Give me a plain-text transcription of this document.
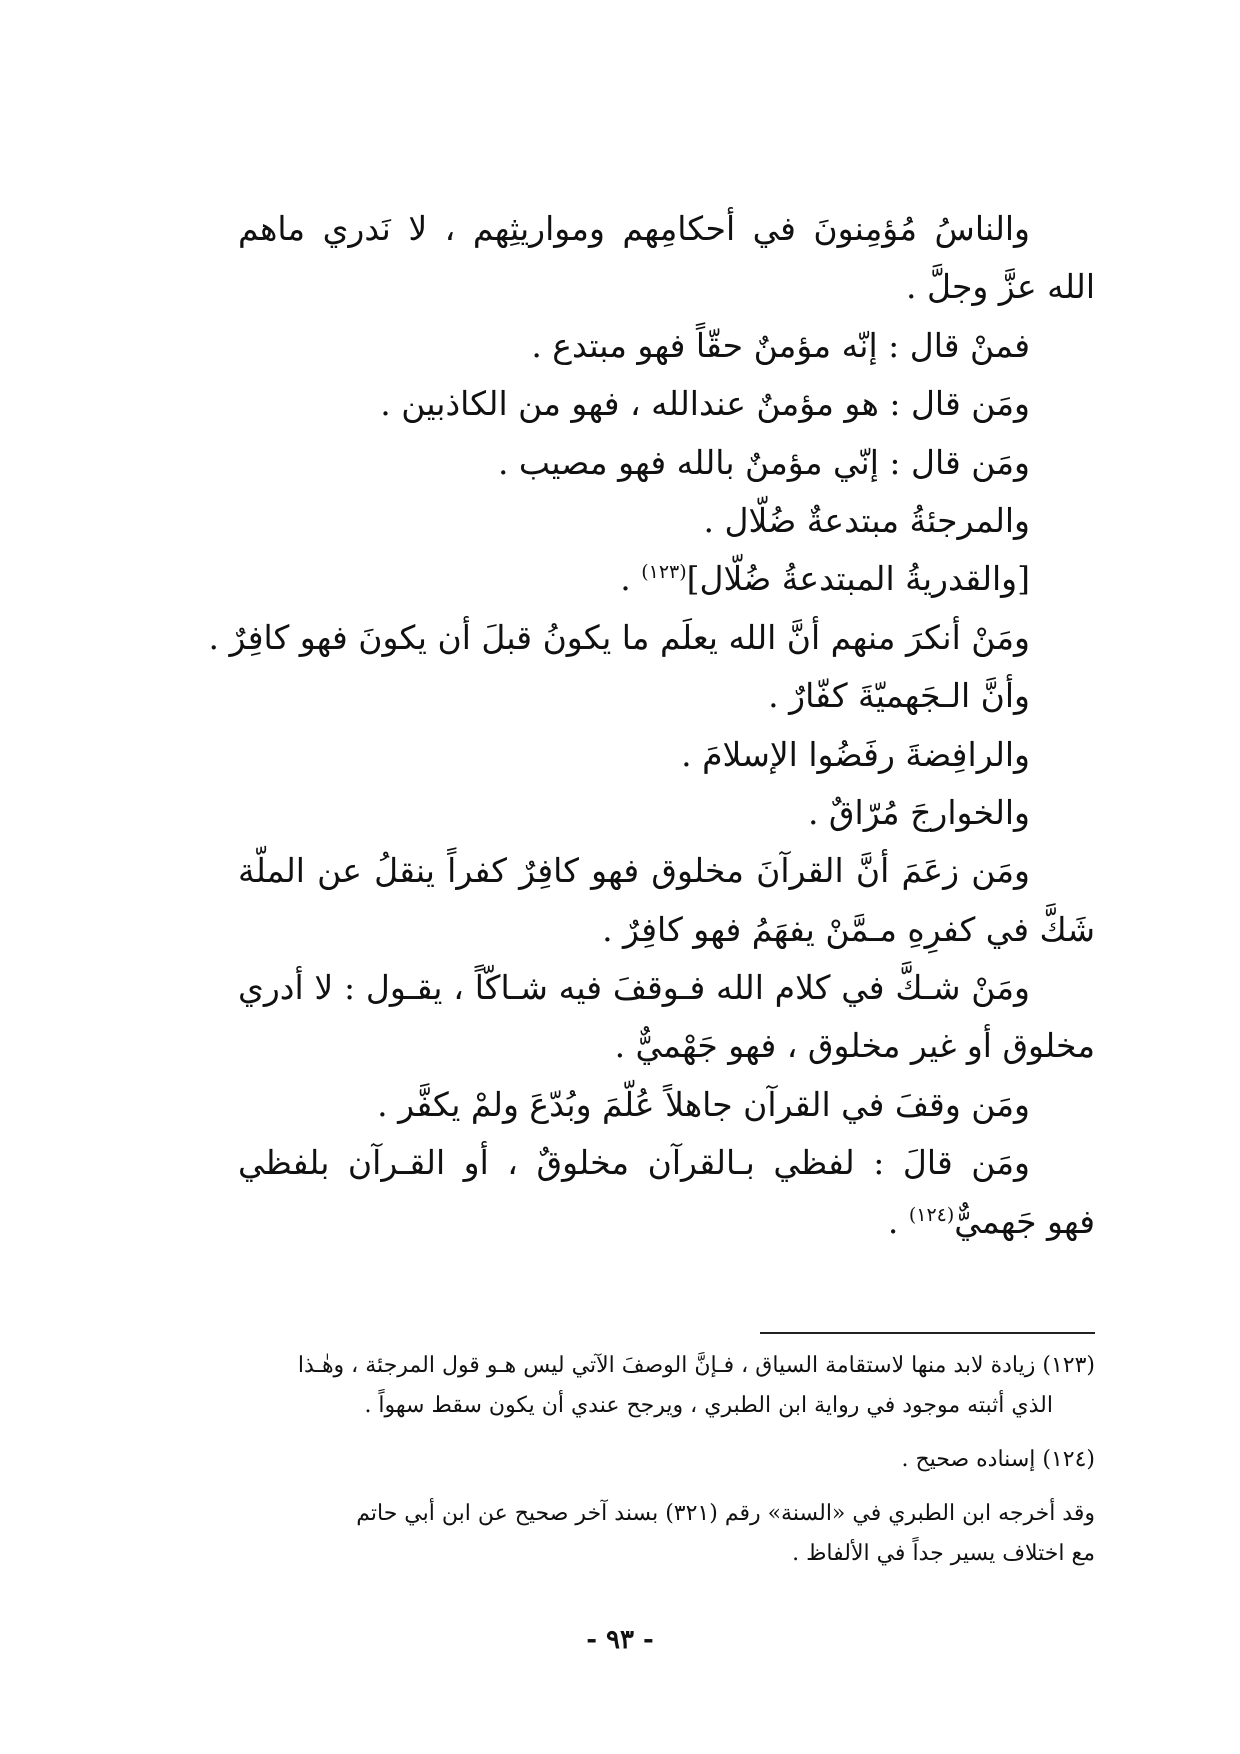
والناسُ مُؤمِنونَ في أحكامِهم ومواريثِهم ، لا نَدري ماهم
الله عزَّ وجلَّ .
فمنْ قال : إنّه مؤمنٌ حقّاً فهو مبتدع .
ومَن قال : هو مؤمنٌ عندالله ، فهو من الكاذبين .
ومَن قال : إنّي مؤمنٌ بالله فهو مصيب .
والمرجئةُ مبتدعةٌ ضُلّال .
[والقدريةُ المبتدعةُ ضُلّال]$^{(١٢٣)}$ .
ومَنْ أنكرَ منهم أنَّ الله يعلَم ما يكونُ قبلَ أن يكونَ فهو كافِرٌ .
وأنَّ الـجَهميّةَ كفّارٌ .
والرافِضةَ رفَضُوا الإسلامَ .
والخوارجَ مُرّاقٌ .
ومَن زعَمَ أنَّ القرآنَ مخلوق فهو كافِرٌ كفراً ينقلُ عن الملّة
شَكَّ في كفرِهِ مـمَّنْ يفهَمُ فهو كافِرٌ .
ومَنْ شـكَّ في كلام الله فـوقفَ فيه شـاكّاً ، يقـول : لا أدري
مخلوق أو غير مخلوق ، فهو جَهْميٌّ .
ومَن وقفَ في القرآن جاهلاً عُلّمَ وبُدّعَ ولمْ يكفَّر .
ومَن قالَ : لفظي بـالقرآن مخلوقٌ ، أو القـرآن بلفظي
فهو جَهميٌّ$^{(١٢٤)}$ .
(١٢٣) زيادة لابد منها لاستقامة السياق ، فـإنَّ الوصفَ الآتي ليس هـو قول المرجئة ، وهٰـذا
الذي أثبته موجود في رواية ابن الطبري ، ويرجح عندي أن يكون سقط سهواً .
(١٢٤) إسناده صحيح .
وقد أخرجه ابن الطبري في «السنة» رقم (٣٢١) بسند آخر صحيح عن ابن أبي حاتم
مع اختلاف يسير جداً في الألفاظ .
- ٩٣ -
